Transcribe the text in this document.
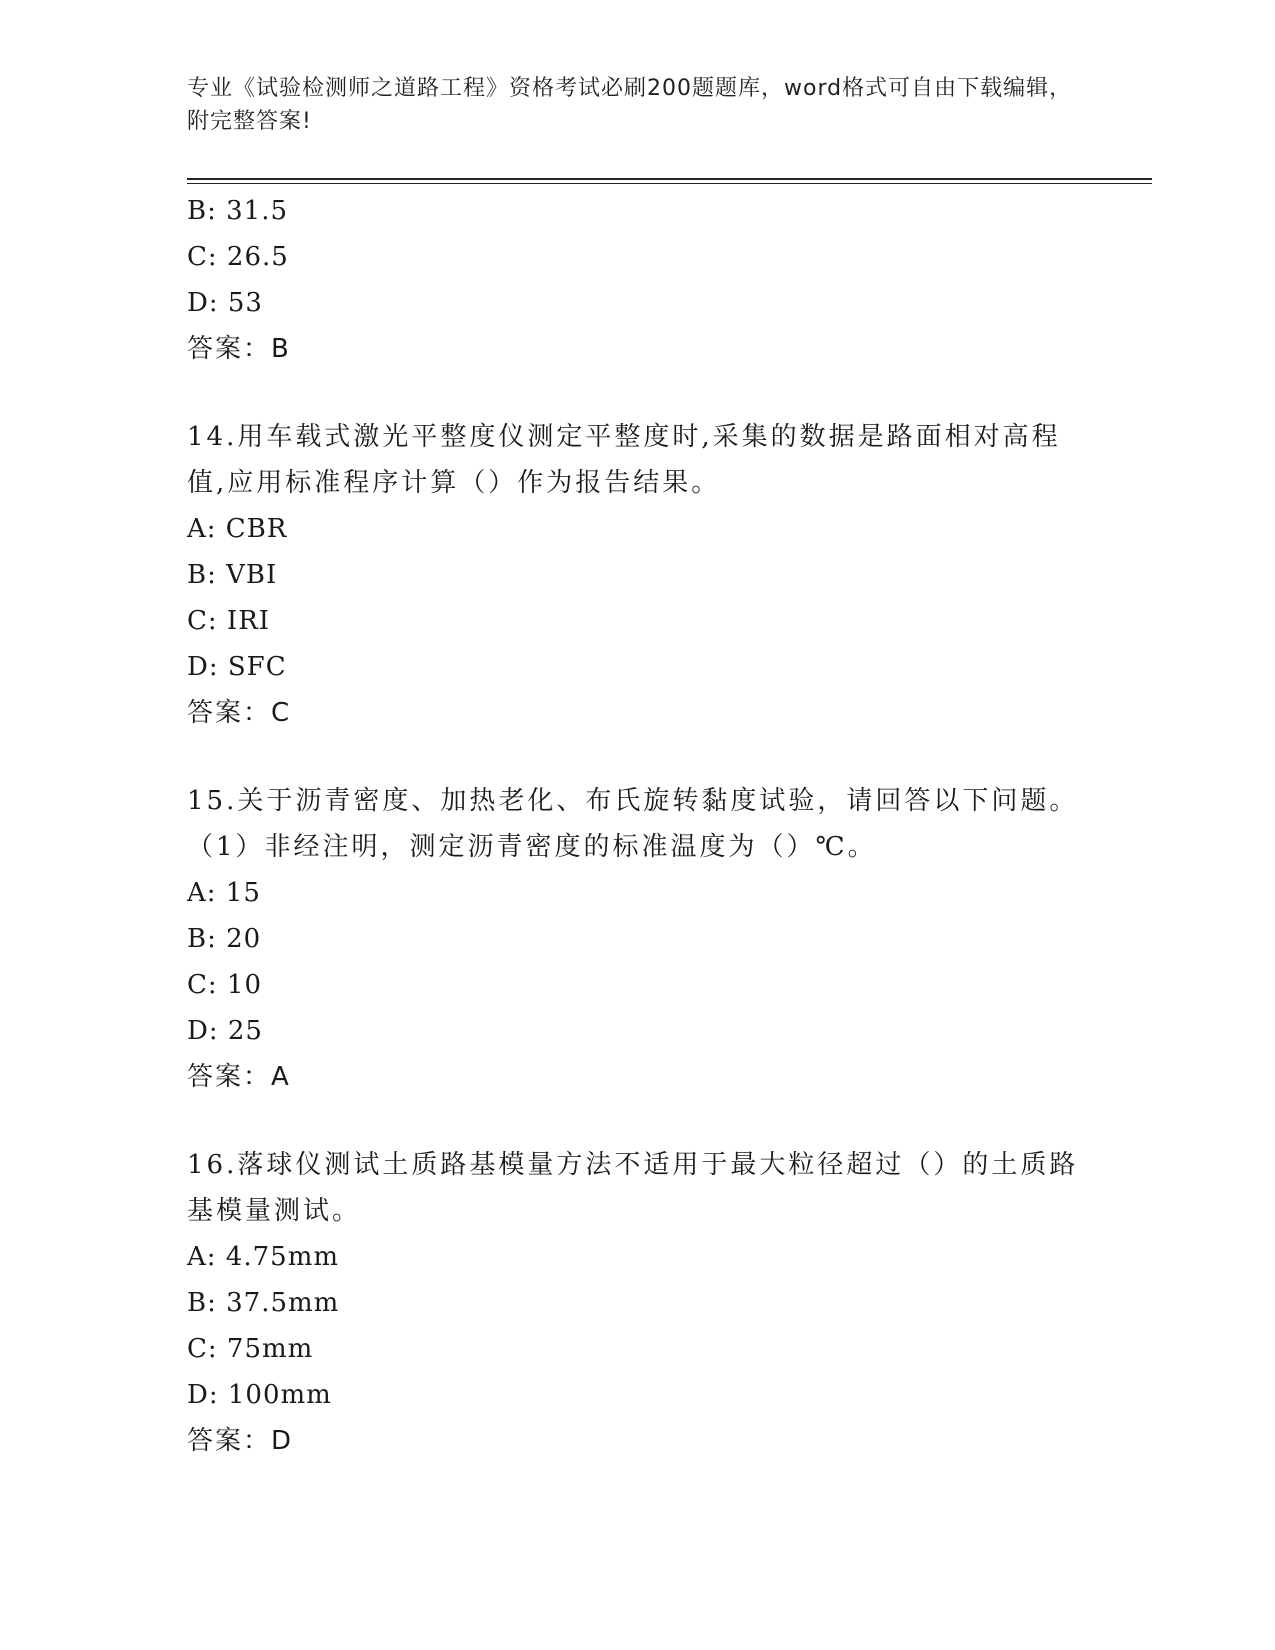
专业《试验检测师之道路工程》资格考试必刷200题题库，word格式可自由下载编辑，附完整答案!
B: 31.5
C: 26.5
D: 53
答案：B
14.用车载式激光平整度仪测定平整度时,采集的数据是路面相对高程值,应用标准程序计算（）作为报告结果。
A: CBR
B: VBI
C: IRI
D: SFC
答案：C
15.关于沥青密度、加热老化、布氏旋转黏度试验，请回答以下问题。（1）非经注明，测定沥青密度的标准温度为（）℃。
A: 15
B: 20
C: 10
D: 25
答案：A
16.落球仪测试土质路基模量方法不适用于最大粒径超过（）的土质路基模量测试。
A: 4.75mm
B: 37.5mm
C: 75mm
D: 100mm
答案：D
